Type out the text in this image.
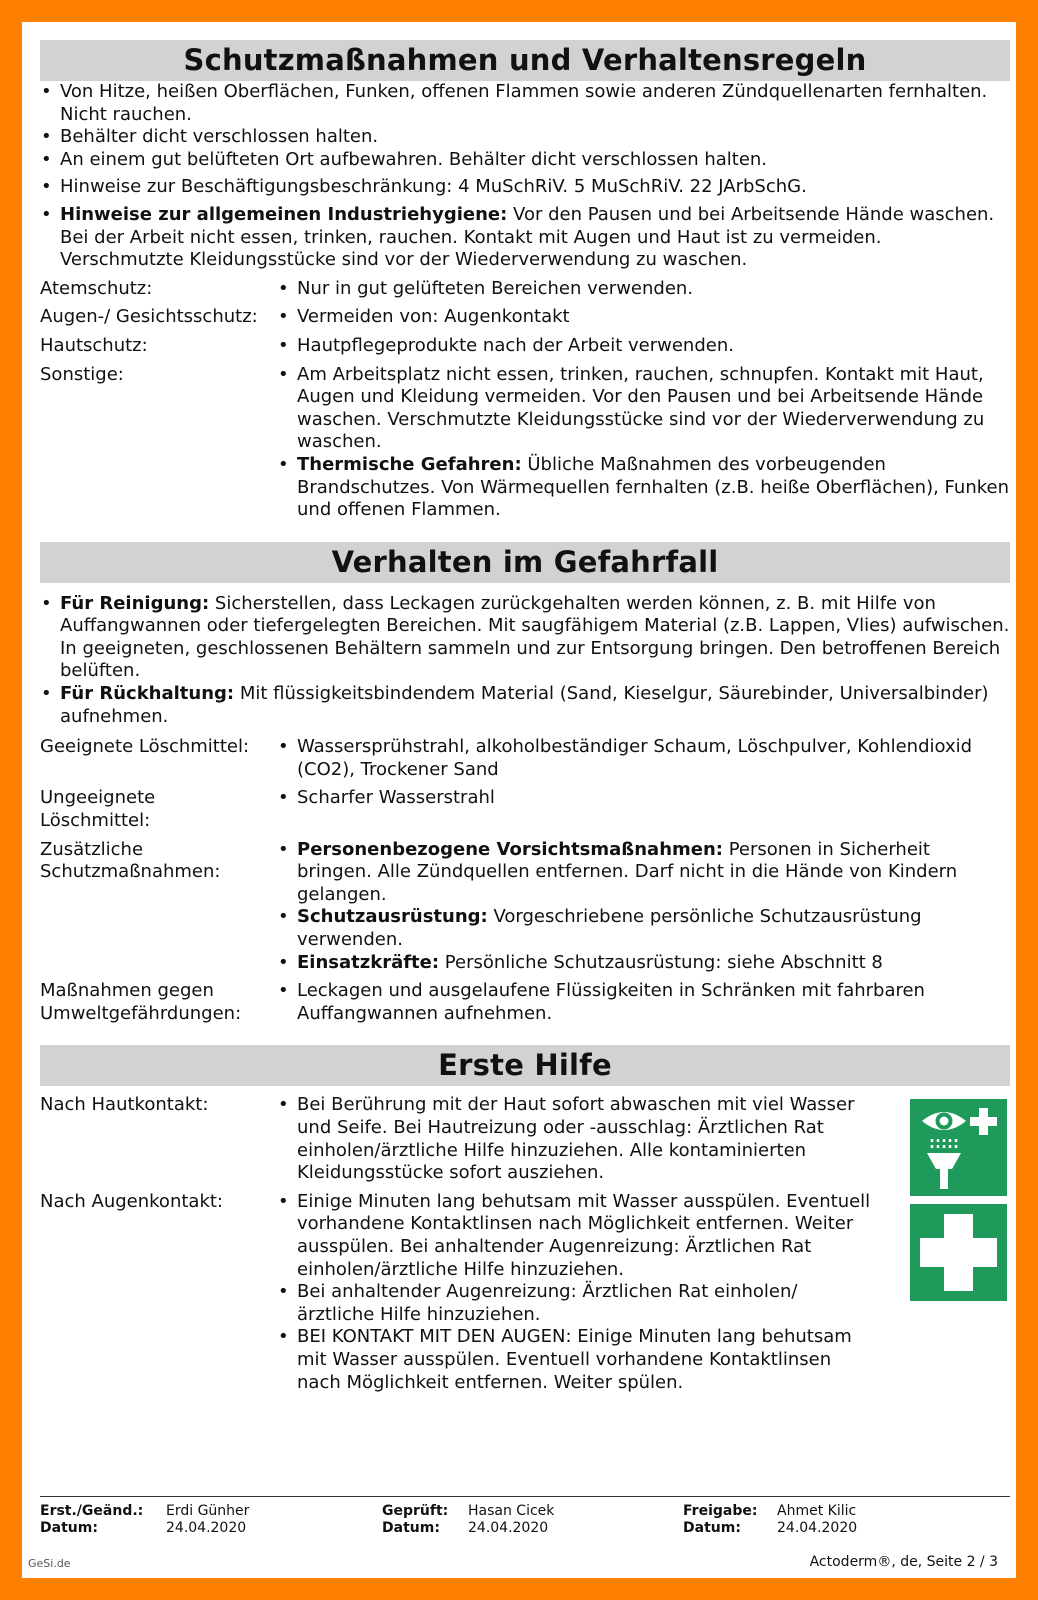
Schutzmaßnahmen und Verhaltensregeln
• Von Hitze, heißen Oberflächen, Funken, offenen Flammen sowie anderen Zündquellenarten fernhalten. Nicht rauchen.
• Behälter dicht verschlossen halten.
• An einem gut belüfteten Ort aufbewahren. Behälter dicht verschlossen halten.
• Hinweise zur Beschäftigungsbeschränkung: 4 MuSchRiV. 5 MuSchRiV. 22 JArbSchG.
• Hinweise zur allgemeinen Industriehygiene: Vor den Pausen und bei Arbeitsende Hände waschen. Bei der Arbeit nicht essen, trinken, rauchen. Kontakt mit Augen und Haut ist zu vermeiden. Verschmutzte Kleidungsstücke sind vor der Wiederverwendung zu waschen.
Atemschutz:	• Nur in gut gelüfteten Bereichen verwenden.
Augen-/ Gesichtsschutz:	• Vermeiden von: Augenkontakt
Hautschutz:	• Hautpflegeprodukte nach der Arbeit verwenden.
Sonstige:	• Am Arbeitsplatz nicht essen, trinken, rauchen, schnupfen. Kontakt mit Haut, Augen und Kleidung vermeiden. Vor den Pausen und bei Arbeitsende Hände waschen. Verschmutzte Kleidungsstücke sind vor der Wiederverwendung zu waschen.
• Thermische Gefahren: Übliche Maßnahmen des vorbeugenden Brandschutzes. Von Wärmequellen fernhalten (z.B. heiße Oberflächen), Funken und offenen Flammen.
Verhalten im Gefahrfall
• Für Reinigung: Sicherstellen, dass Leckagen zurückgehalten werden können, z. B. mit Hilfe von Auffangwannen oder tiefergelegten Bereichen. Mit saugfähigem Material (z.B. Lappen, Vlies) aufwischen. In geeigneten, geschlossenen Behältern sammeln und zur Entsorgung bringen. Den betroffenen Bereich belüften.
• Für Rückhaltung: Mit flüssigkeitsbindendem Material (Sand, Kieselgur, Säurebinder, Universalbinder) aufnehmen.
Geeignete Löschmittel:	• Wassersprühstrahl, alkoholbeständiger Schaum, Löschpulver, Kohlendioxid (CO2), Trockener Sand
Ungeeignete Löschmittel:
• Scharfer Wasserstrahl
Zusätzliche Schutzmaßnahmen:
• Personenbezogene Vorsichtsmaßnahmen: Personen in Sicherheit bringen. Alle Zündquellen entfernen. Darf nicht in die Hände von Kindern gelangen.
• Schutzausrüstung: Vorgeschriebene persönliche Schutzausrüstung verwenden.
• Einsatzkräfte: Persönliche Schutzausrüstung: siehe Abschnitt 8
Maßnahmen gegen Umweltgefährdungen:
• Leckagen und ausgelaufene Flüssigkeiten in Schränken mit fahrbaren Auffangwannen aufnehmen.
Erste Hilfe
Nach Hautkontakt:	• Bei Berührung mit der Haut sofort abwaschen mit viel Wasser und Seife. Bei Hautreizung oder -ausschlag: Ärztlichen Rat einholen/ärztliche Hilfe hinzuziehen. Alle kontaminierten Kleidungsstücke sofort ausziehen.
Nach Augenkontakt:	• Einige Minuten lang behutsam mit Wasser ausspülen. Eventuell vorhandene Kontaktlinsen nach Möglichkeit entfernen. Weiter ausspülen. Bei anhaltender Augenreizung: Ärztlichen Rat einholen/ärztliche Hilfe hinzuziehen.
• Bei anhaltender Augenreizung: Ärztlichen Rat einholen/ ärztliche Hilfe hinzuziehen.
• BEI KONTAKT MIT DEN AUGEN: Einige Minuten lang behutsam mit Wasser ausspülen. Eventuell vorhandene Kontaktlinsen nach Möglichkeit entfernen. Weiter spülen.
Erst./Geänd.: Erdi Günher
Datum:	24.04.2020
Geprüft: Hasan Cicek
Datum: 24.04.2020
Freigabe: Ahmet Kilic
Datum:	24.04.2020
GeSi.de	Actoderm®, de, Seite 2 / 3
